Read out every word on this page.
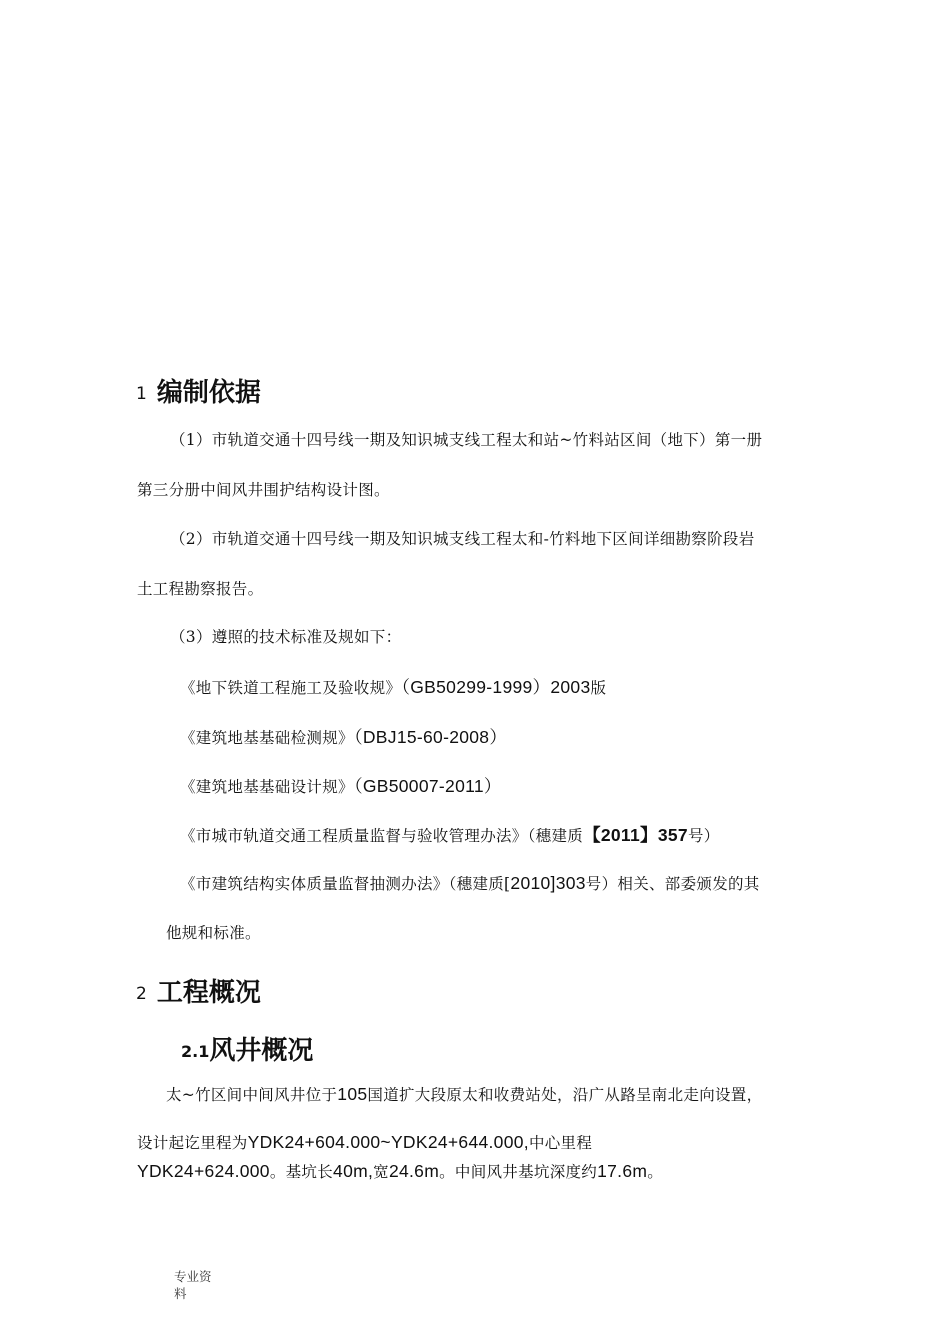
1 编制依据
（1）市轨道交通十四号线一期及知识城支线工程太和站~竹料站区间（地下）第一册
第三分册中间风井围护结构设计图。
（2）市轨道交通十四号线一期及知识城支线工程太和-竹料地下区间详细勘察阶段岩
土工程勘察报告。
（3）遵照的技术标准及规如下：
《地下铁道工程施工及验收规》（GB50299-1999）2003版
《建筑地基基础检测规》（DBJ15-60-2008）
《建筑地基基础设计规》（GB50007-2011）
《市城市轨道交通工程质量监督与验收管理办法》（穗建质【2011】357号）
《市建筑结构实体质量监督抽测办法》（穗建质[2010]303号）相关、部委颁发的其
他规和标准。
2 工程概况
2.1风井概况
太~竹区间中间风井位于105国道扩大段原太和收费站处，沿广从路呈南北走向设置，
设计起讫里程为YDK24+604.000~YDK24+644.000,中心里程
YDK24+624.000。基坑长40m,宽24.6m。中间风井基坑深度约17.6m。
专业资
料
